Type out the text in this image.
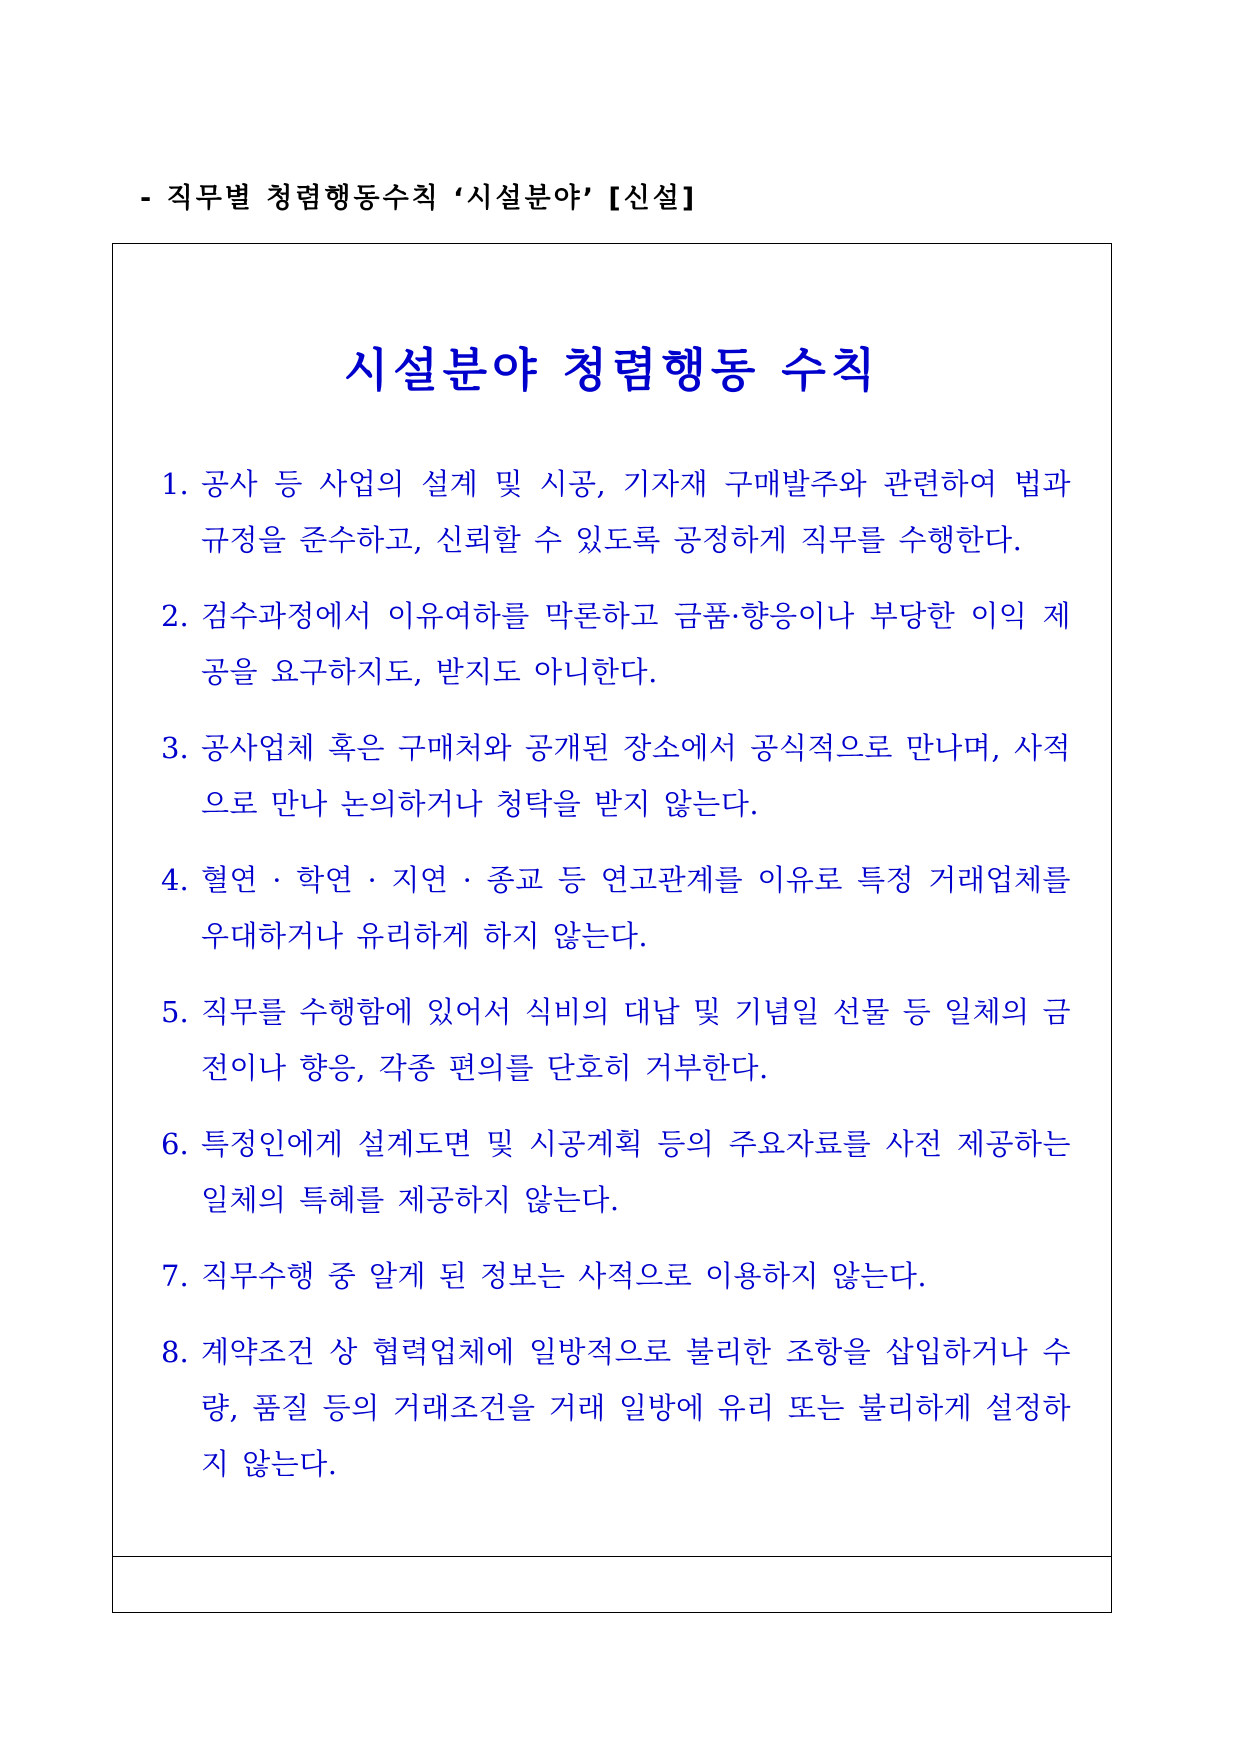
- 직무별 청렴행동수칙 ‘시설분야’ [신설]
시설분야 청렴행동 수칙
1. 공사 등 사업의 설계 및 시공, 기자재 구매발주와 관련하여 법과 규정을 준수하고, 신뢰할 수 있도록 공정하게 직무를 수행한다.
2. 검수과정에서 이유여하를 막론하고 금품·향응이나 부당한 이익 제공을 요구하지도, 받지도 아니한다.
3. 공사업체 혹은 구매처와 공개된 장소에서 공식적으로 만나며, 사적으로 만나 논의하거나 청탁을 받지 않는다.
4. 혈연 · 학연 · 지연 · 종교 등 연고관계를 이유로 특정 거래업체를 우대하거나 유리하게 하지 않는다.
5. 직무를 수행함에 있어서 식비의 대납 및 기념일 선물 등 일체의 금전이나 향응, 각종 편의를 단호히 거부한다.
6. 특정인에게 설계도면 및 시공계획 등의 주요자료를 사전 제공하는 일체의 특혜를 제공하지 않는다.
7. 직무수행 중 알게 된 정보는 사적으로 이용하지 않는다.
8. 계약조건 상 협력업체에 일방적으로 불리한 조항을 삽입하거나 수량, 품질 등의 거래조건을 거래 일방에 유리 또는 불리하게 설정하지 않는다.
